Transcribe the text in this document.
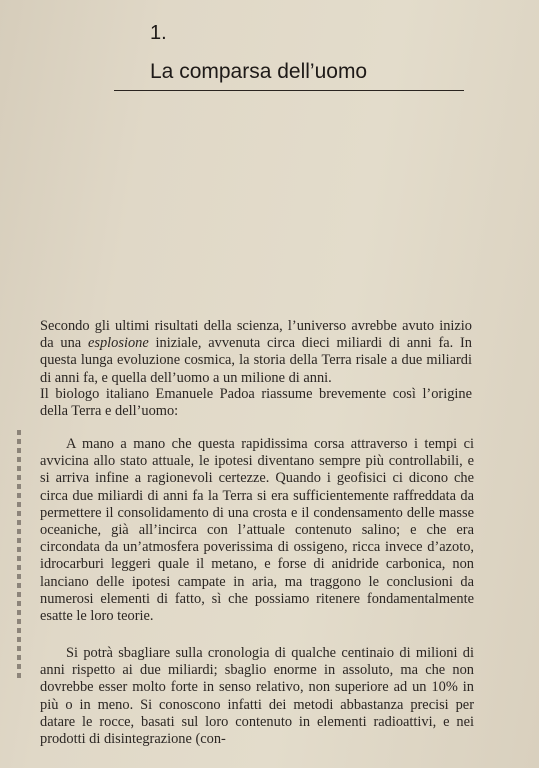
1.
La comparsa dell’uomo

Secondo gli ultimi risultati della scienza, l’universo avrebbe avuto inizio da una esplosione iniziale, avvenuta circa dieci miliardi di anni fa. In questa lunga evoluzione cosmica, la storia della Terra risale a due miliardi di anni fa, e quella dell’uomo a un milione di anni.

Il biologo italiano Emanuele Padoa riassume brevemente così l’origine della Terra e dell’uomo:

A mano a mano che questa rapidissima corsa attraverso i tempi ci avvicina allo stato attuale, le ipotesi diventano sempre più controllabili, e si arriva infine a ragionevoli certezze. Quando i geofisici ci dicono che circa due miliardi di anni fa la Terra si era sufficientemente raffreddata da permettere il consolidamento di una crosta e il condensamento delle masse oceaniche, già all’incirca con l’attuale contenuto salino; e che era circondata da un’atmosfera poverissima di ossigeno, ricca invece d’azoto, idrocarburi leggeri quale il metano, e forse di anidride carbonica, non lanciano delle ipotesi campate in aria, ma traggono le conclusioni da numerosi elementi di fatto, sì che possiamo ritenere fondamentalmente esatte le loro teorie.

Si potrà sbagliare sulla cronologia di qualche centinaio di milioni di anni rispetto ai due miliardi; sbaglio enorme in assoluto, ma che non dovrebbe esser molto forte in senso relativo, non superiore ad un 10% in più o in meno. Si conoscono infatti dei metodi abbastanza precisi per datare le rocce, basati sul loro contenuto in elementi radioattivi, e nei prodotti di disintegrazione (con-
